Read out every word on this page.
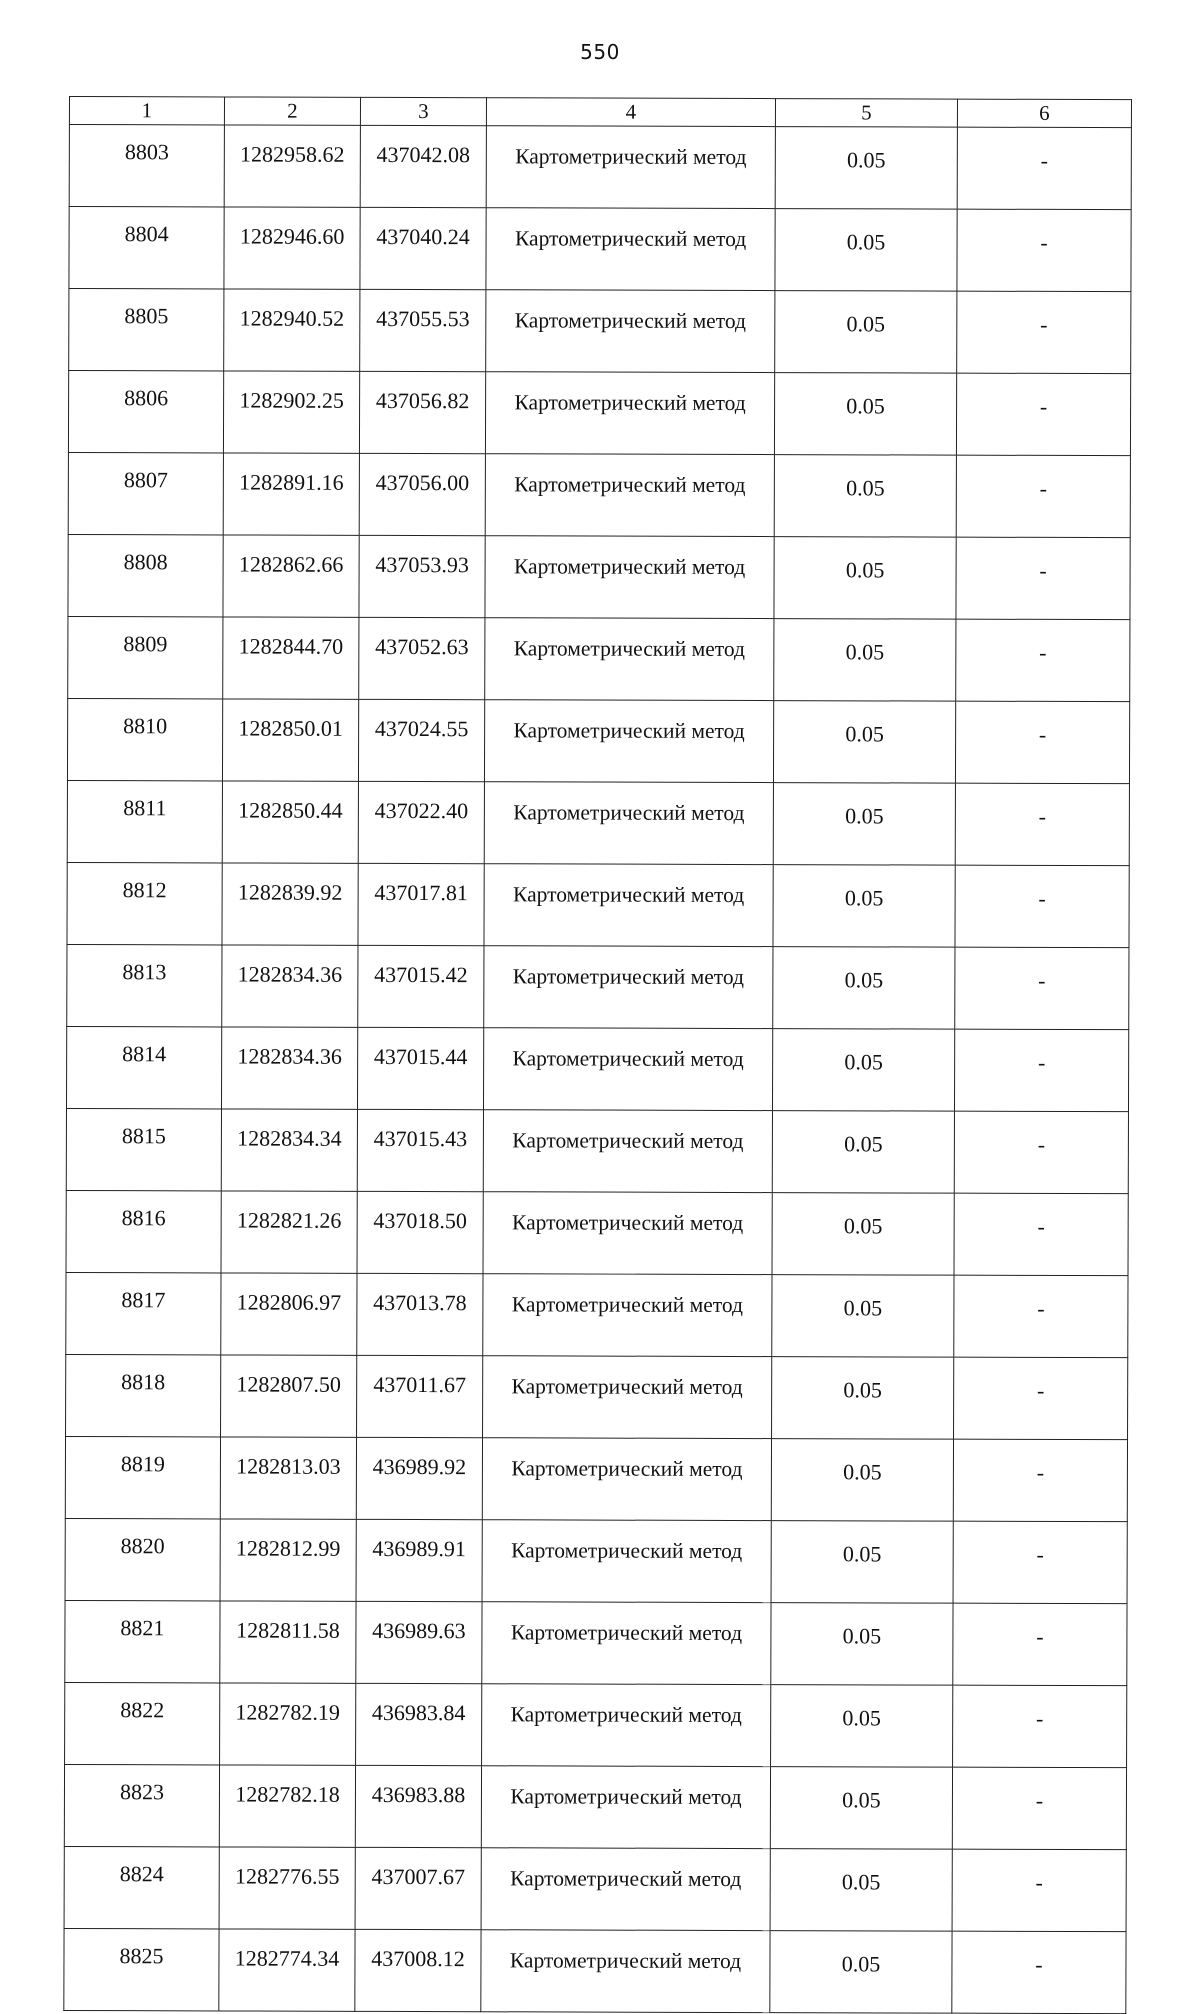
550
1	2	3	4	5	6
8803	1282958.62	437042.08	Картометрический метод	0.05	-
8804	1282946.60	437040.24	Картометрический метод	0.05	-
8805	1282940.52	437055.53	Картометрический метод	0.05	-
8806	1282902.25	437056.82	Картометрический метод	0.05	-
8807	1282891.16	437056.00	Картометрический метод	0.05	-
8808	1282862.66	437053.93	Картометрический метод	0.05	-
8809	1282844.70	437052.63	Картометрический метод	0.05	-
8810	1282850.01	437024.55	Картометрический метод	0.05	-
8811	1282850.44	437022.40	Картометрический метод	0.05	-
8812	1282839.92	437017.81	Картометрический метод	0.05	-
8813	1282834.36	437015.42	Картометрический метод	0.05	-
8814	1282834.36	437015.44	Картометрический метод	0.05	-
8815	1282834.34	437015.43	Картометрический метод	0.05	-
8816	1282821.26	437018.50	Картометрический метод	0.05	-
8817	1282806.97	437013.78	Картометрический метод	0.05	-
8818	1282807.50	437011.67	Картометрический метод	0.05	-
8819	1282813.03	436989.92	Картометрический метод	0.05	-
8820	1282812.99	436989.91	Картометрический метод	0.05	-
8821	1282811.58	436989.63	Картометрический метод	0.05	-
8822	1282782.19	436983.84	Картометрический метод	0.05	-
8823	1282782.18	436983.88	Картометрический метод	0.05	-
8824	1282776.55	437007.67	Картометрический метод	0.05	-
8825	1282774.34	437008.12	Картометрический метод	0.05	-
